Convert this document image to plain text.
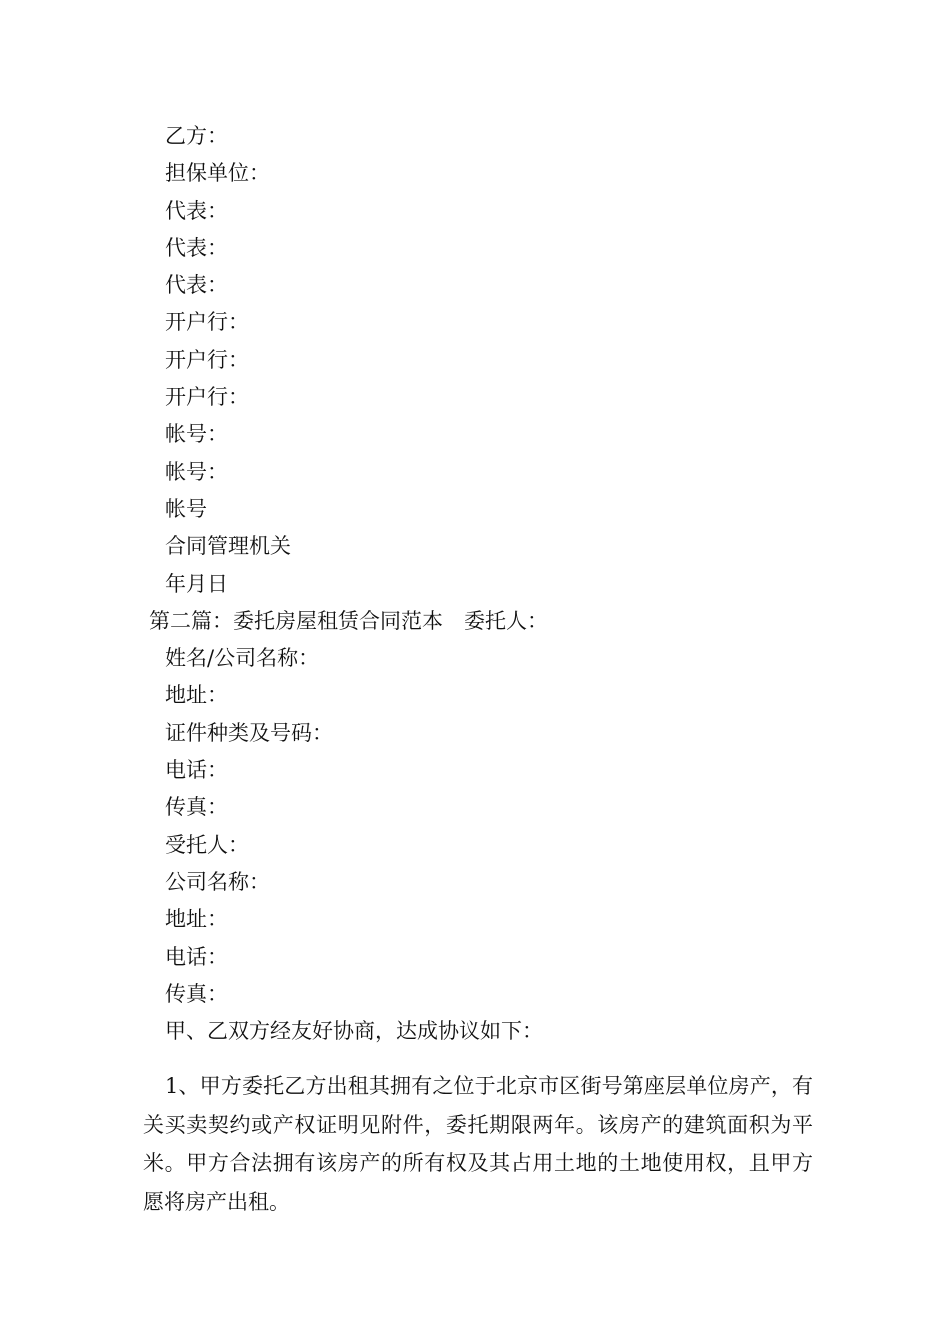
乙方：
担保单位：
代表：
代表：
代表：
开户行：
开户行：
开户行：
帐号：
帐号：
帐号
合同管理机关
年月日
第二篇：委托房屋租赁合同范本　委托人：
姓名/公司名称：
地址：
证件种类及号码：
电话：
传真：
受托人：
公司名称：
地址：
电话：
传真：
甲、乙双方经友好协商，达成协议如下：

1、甲方委托乙方出租其拥有之位于北京市区街号第座层单位房产，有关买卖契约或产权证明见附件，委托期限两年。该房产的建筑面积为平米。甲方合法拥有该房产的所有权及其占用土地的土地使用权，且甲方愿将房产出租。
